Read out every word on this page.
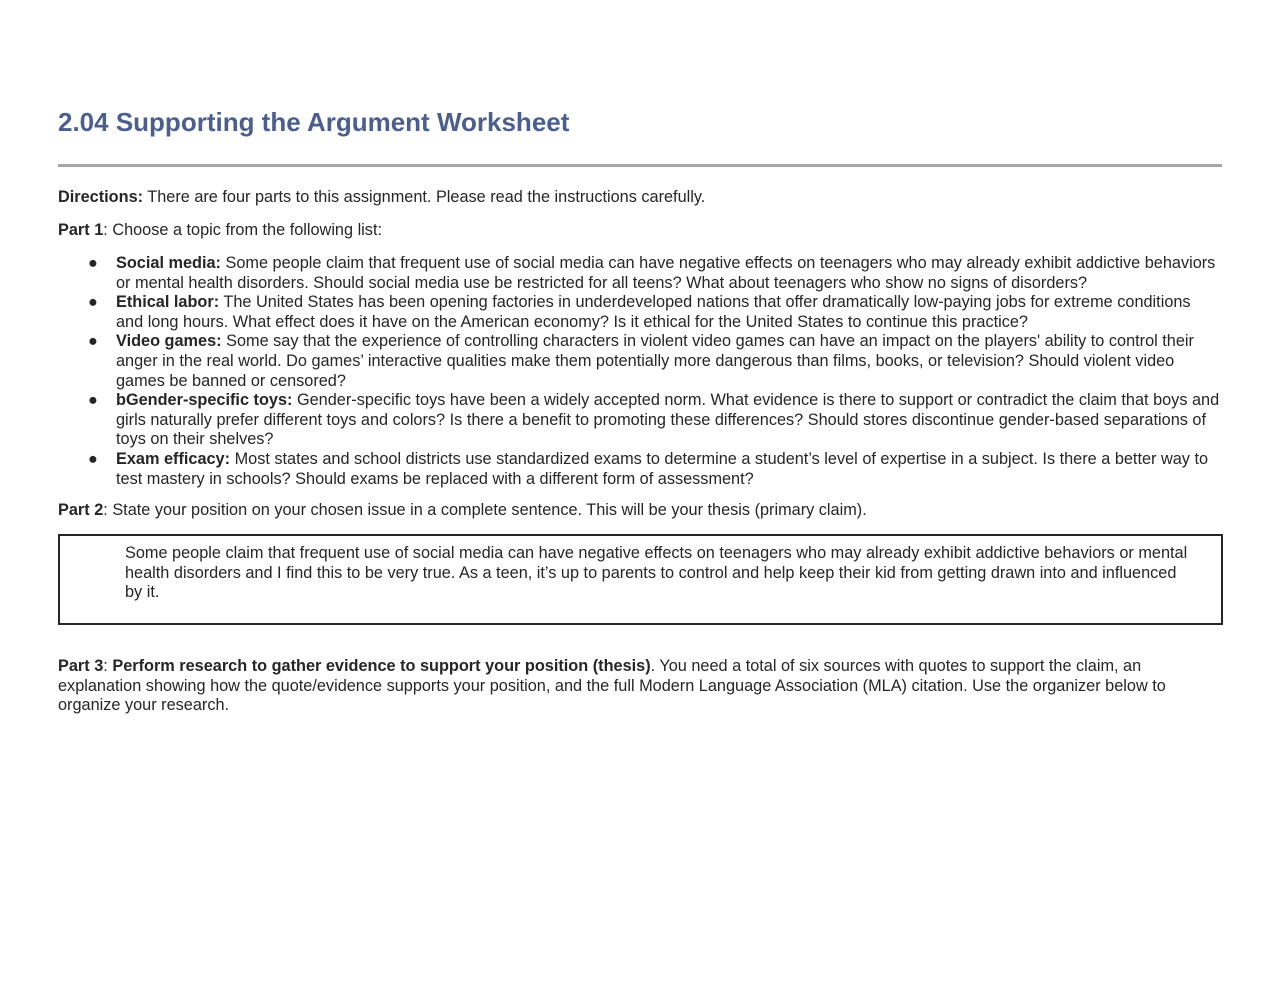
2.04 Supporting the Argument Worksheet

Directions: There are four parts to this assignment. Please read the instructions carefully.

Part 1: Choose a topic from the following list:

● Social media: Some people claim that frequent use of social media can have negative effects on teenagers who may already exhibit addictive behaviors or mental health disorders. Should social media use be restricted for all teens? What about teenagers who show no signs of disorders?
● Ethical labor: The United States has been opening factories in underdeveloped nations that offer dramatically low-paying jobs for extreme conditions and long hours. What effect does it have on the American economy? Is it ethical for the United States to continue this practice?
● Video games: Some say that the experience of controlling characters in violent video games can have an impact on the players' ability to control their anger in the real world. Do games’ interactive qualities make them potentially more dangerous than films, books, or television? Should violent video games be banned or censored?
● bGender-specific toys: Gender-specific toys have been a widely accepted norm. What evidence is there to support or contradict the claim that boys and girls naturally prefer different toys and colors? Is there a benefit to promoting these differences? Should stores discontinue gender-based separations of toys on their shelves?
● Exam efficacy: Most states and school districts use standardized exams to determine a student’s level of expertise in a subject. Is there a better way to test mastery in schools? Should exams be replaced with a different form of assessment?

Part 2: State your position on your chosen issue in a complete sentence. This will be your thesis (primary claim).

Some people claim that frequent use of social media can have negative effects on teenagers who may already exhibit addictive behaviors or mental health disorders and I find this to be very true. As a teen, it’s up to parents to control and help keep their kid from getting drawn into and influenced by it.

Part 3: Perform research to gather evidence to support your position (thesis). You need a total of six sources with quotes to support the claim, an explanation showing how the quote/evidence supports your position, and the full Modern Language Association (MLA) citation. Use the organizer below to organize your research.
